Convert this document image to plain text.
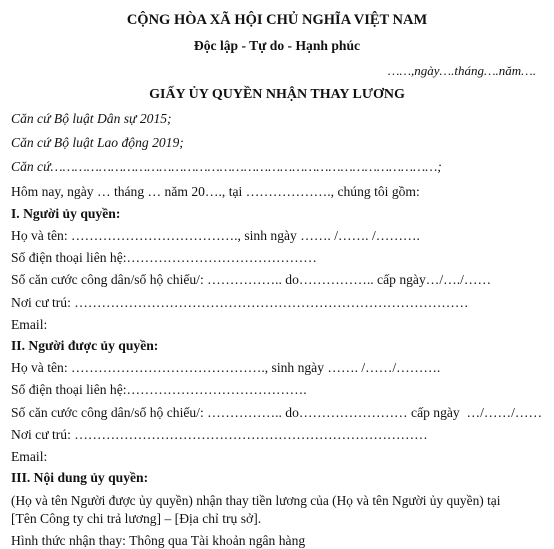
CỘNG HÒA XÃ HỘI CHỦ NGHĨA VIỆT NAM
Độc lập - Tự do - Hạnh phúc
……,ngày….tháng….năm….
GIẤY ỦY QUYỀN NHẬN THAY LƯƠNG
Căn cứ Bộ luật Dân sự 2015;
Căn cứ Bộ luật Lao động 2019;
Căn cứ……………………………………………………………………………………;
Hôm nay, ngày … tháng … năm 20…., tại ………………., chúng tôi gồm:
I. Người ủy quyền:
Họ và tên: ………………………………., sinh ngày ……. /……. /……….
Số điện thoại liên hệ:……………………………………
Số căn cước công dân/số hộ chiếu/: …………….. do…………….. cấp ngày…/…./……
Nơi cư trú: ……………………………………………………………………………
Email:
II. Người được ủy quyền:
Họ và tên: ……………………………………., sinh ngày ……. /……/……….
Số điện thoại liên hệ:………………………………….
Số căn cước công dân/số hộ chiếu/: …………….. do…………………… cấp ngày  …/……/……
Nơi cư trú: ……………………………………………………………………
Email:
III. Nội dung ủy quyền:
(Họ và tên Người được ủy quyền) nhận thay tiền lương của (Họ và tên Người ủy quyền) tại
[Tên Công ty chi trả lương] – [Địa chỉ trụ sở].
Hình thức nhận thay: Thông qua Tài khoản ngân hàng
